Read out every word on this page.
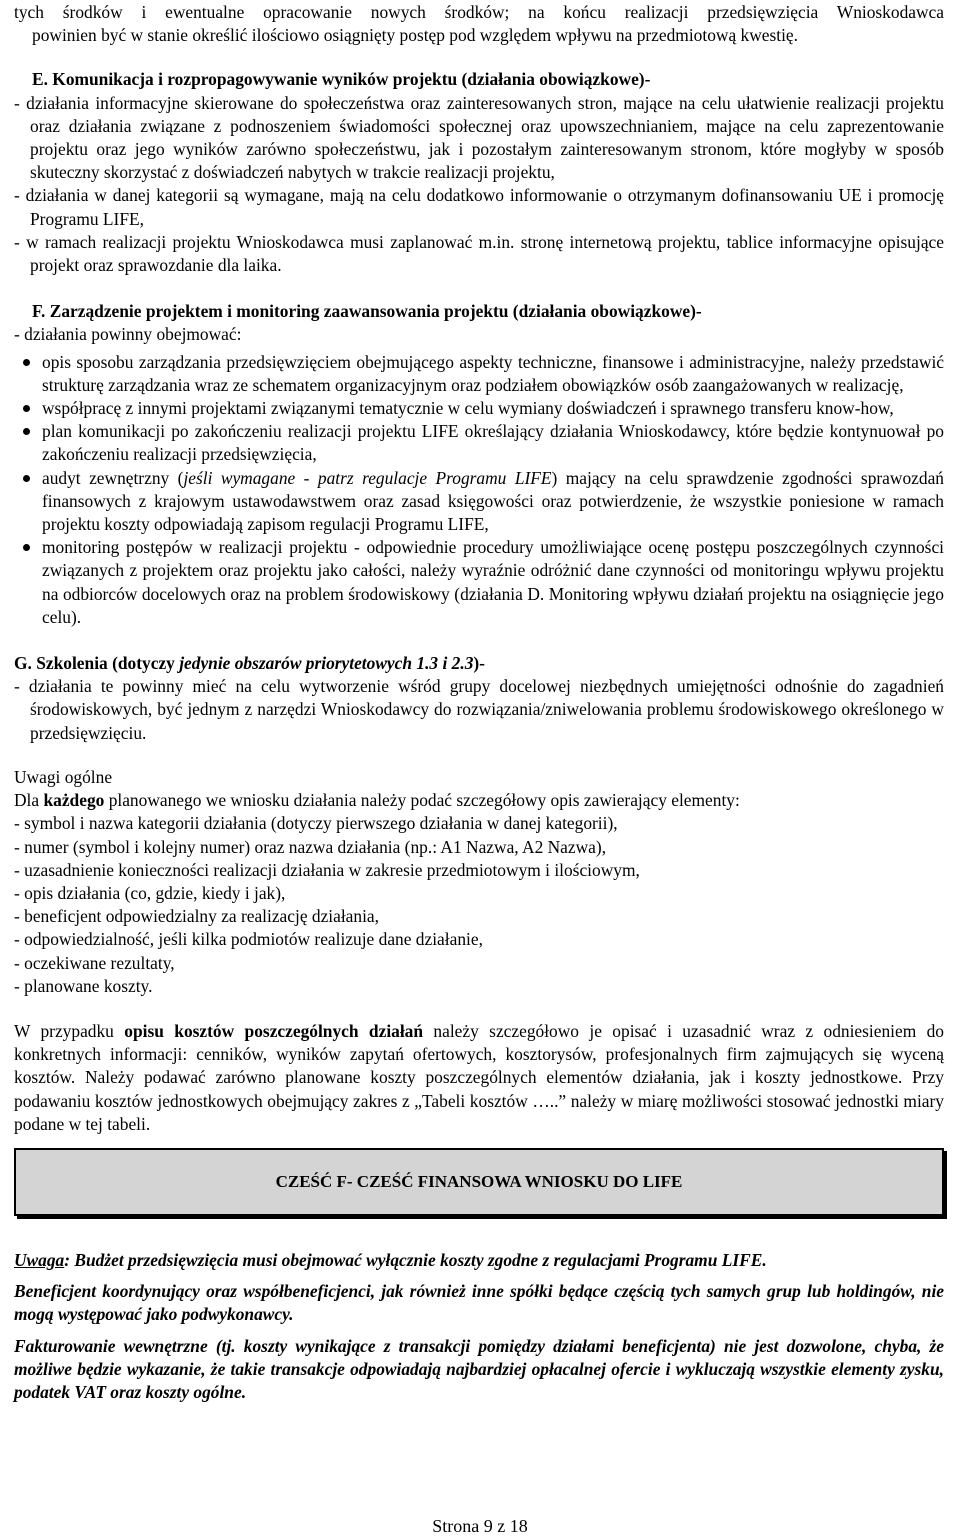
tych środków i ewentualne opracowanie nowych środków; na końcu realizacji przedsięwzięcia Wnioskodawca

powinien być w stanie określić ilościowo osiągnięty postęp pod względem wpływu na przedmiotową kwestię.

E. Komunikacja i rozpropagowywanie wyników projektu (działania obowiązkowe)-

- działania informacyjne skierowane do społeczeństwa oraz zainteresowanych stron, mające na celu ułatwienie realizacji projektu oraz działania związane z podnoszeniem świadomości społecznej oraz upowszechnianiem, mające na celu zaprezentowanie projektu oraz jego wyników zarówno społeczeństwu, jak i pozostałym zainteresowanym stronom, które mogłyby w sposób skuteczny skorzystać z doświadczeń nabytych w trakcie realizacji projektu,

- działania w danej kategorii są wymagane, mają na celu dodatkowo informowanie o otrzymanym dofinansowaniu UE i promocję Programu LIFE,

- w ramach realizacji projektu Wnioskodawca musi zaplanować m.in. stronę internetową projektu, tablice informacyjne opisujące projekt oraz sprawozdanie dla laika.

F. Zarządzenie projektem i monitoring zaawansowania projektu (działania obowiązkowe)-

- działania powinny obejmować:

opis sposobu zarządzania przedsięwzięciem obejmującego aspekty techniczne, finansowe i administracyjne, należy przedstawić strukturę zarządzania wraz ze schematem organizacyjnym oraz podziałem obowiązków osób zaangażowanych w realizację,
współpracę z innymi projektami związanymi tematycznie w celu wymiany doświadczeń i sprawnego transferu know-how,
plan komunikacji po zakończeniu realizacji projektu LIFE określający działania Wnioskodawcy, które będzie kontynuował po zakończeniu realizacji przedsięwzięcia,
audyt zewnętrzny (jeśli wymagane - patrz regulacje Programu LIFE) mający na celu sprawdzenie zgodności sprawozdań finansowych z krajowym ustawodawstwem oraz zasad księgowości oraz potwierdzenie, że wszystkie poniesione w ramach projektu koszty odpowiadają zapisom regulacji Programu LIFE,
monitoring postępów w realizacji projektu - odpowiednie procedury umożliwiające ocenę postępu poszczególnych czynności związanych z projektem oraz projektu jako całości, należy wyraźnie odróżnić dane czynności od monitoringu wpływu projektu na odbiorców docelowych oraz na problem środowiskowy (działania D. Monitoring wpływu działań projektu na osiągnięcie jego celu).

G. Szkolenia (dotyczy jedynie obszarów priorytetowych 1.3 i 2.3)-

- działania te powinny mieć na celu wytworzenie wśród grupy docelowej niezbędnych umiejętności odnośnie do zagadnień środowiskowych, być jednym z narzędzi Wnioskodawcy do rozwiązania/zniwelowania problemu środowiskowego określonego w przedsięwzięciu.

Uwagi ogólne

Dla każdego planowanego we wniosku działania należy podać szczegółowy opis zawierający elementy:

- symbol i nazwa kategorii działania (dotyczy pierwszego działania w danej kategorii),

- numer (symbol i kolejny numer) oraz nazwa działania (np.: A1 Nazwa, A2 Nazwa),

- uzasadnienie konieczności realizacji działania w zakresie przedmiotowym i ilościowym,

- opis działania (co, gdzie, kiedy i jak),

- beneficjent odpowiedzialny za realizację działania,

- odpowiedzialność, jeśli kilka podmiotów realizuje dane działanie,

- oczekiwane rezultaty,

- planowane koszty.

W przypadku opisu kosztów poszczególnych działań należy szczegółowo je opisać i uzasadnić wraz z odniesieniem do konkretnych informacji: cenników, wyników zapytań ofertowych, kosztorysów, profesjonalnych firm zajmujących się wyceną kosztów. Należy podawać zarówno planowane koszty poszczególnych elementów działania, jak i koszty jednostkowe. Przy podawaniu kosztów jednostkowych obejmujący zakres z „Tabeli kosztów …..” należy w miarę możliwości stosować jednostki miary podane w tej tabeli.

CZEŚĆ F- CZEŚĆ FINANSOWA WNIOSKU DO LIFE

Uwaga: Budżet przedsięwzięcia musi obejmować wyłącznie koszty zgodne z regulacjami Programu LIFE.

Beneficjent koordynujący oraz współbeneficjenci, jak również inne spółki będące częścią tych samych grup lub holdingów, nie mogą występować jako podwykonawcy.

Fakturowanie wewnętrzne (tj. koszty wynikające z transakcji pomiędzy działami beneficjenta) nie jest dozwolone, chyba, że możliwe będzie wykazanie, że takie transakcje odpowiadają najbardziej opłacalnej ofercie i wykluczają wszystkie elementy zysku, podatek VAT oraz koszty ogólne.

Strona 9 z 18
